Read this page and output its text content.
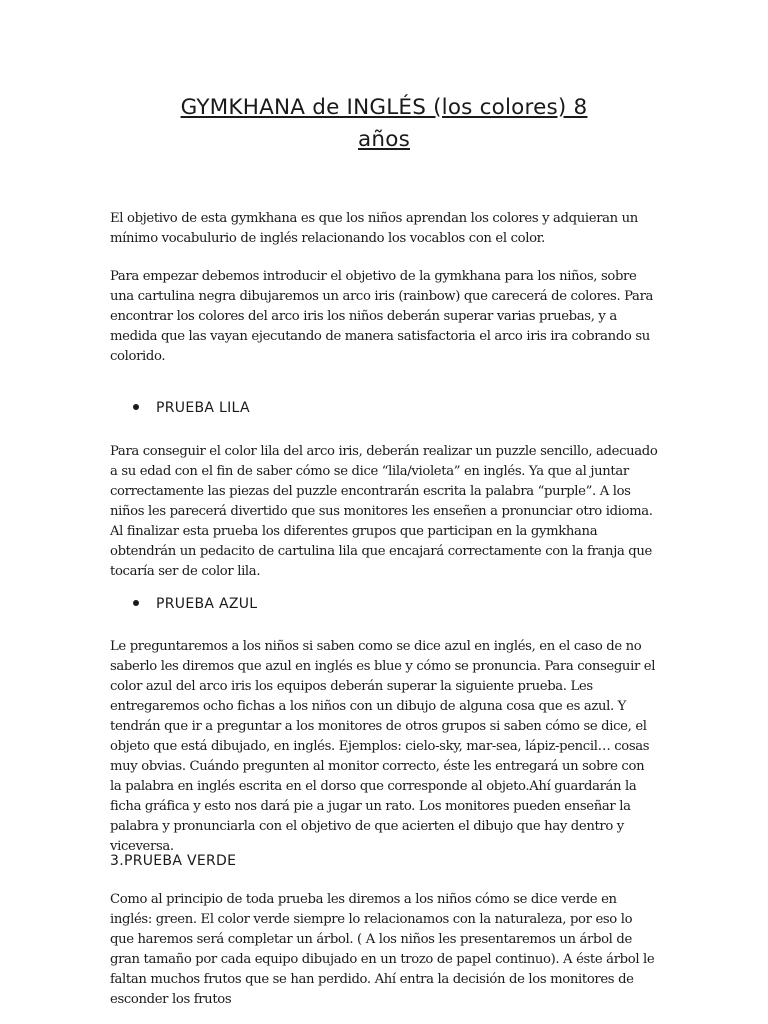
GYMKHANA de INGLÉS (los colores) 8
años

El objetivo de esta gymkhana es que los niños aprendan los colores y adquieran un mínimo vocabulurio de inglés relacionando los vocablos con el color.

Para empezar debemos introducir el objetivo de la gymkhana para los niños, sobre una cartulina negra dibujaremos un arco iris (rainbow) que carecerá de colores. Para encontrar los colores del arco iris los niños deberán superar varias pruebas, y a medida que las vayan ejecutando de manera satisfactoria el arco iris ira cobrando su colorido.

PRUEBA LILA

Para conseguir el color lila del arco iris, deberán realizar un puzzle sencillo, adecuado a su edad con el fin de saber cómo se dice “lila/violeta” en inglés. Ya que al juntar correctamente las piezas del puzzle encontrarán escrita la palabra “purple”. A los niños les parecerá divertido que sus monitores les enseñen a pronunciar otro idioma. Al finalizar esta prueba los diferentes grupos que participan en la gymkhana obtendrán un pedacito de cartulina lila que encajará correctamente con la franja que tocaría ser de color lila.

PRUEBA AZUL

Le preguntaremos a los niños si saben como se dice azul en inglés, en el caso de no saberlo les diremos que azul en inglés es blue y cómo se pronuncia. Para conseguir el color azul del arco iris los equipos deberán superar la siguiente prueba. Les entregaremos ocho fichas a los niños con un dibujo de alguna cosa que es azul. Y tendrán que ir a preguntar a los monitores de otros grupos si saben cómo se dice, el objeto que está dibujado, en inglés. Ejemplos: cielo-sky, mar-sea, lápiz-pencil… cosas muy obvias. Cuándo pregunten al monitor correcto, éste les entregará un sobre con la palabra en inglés escrita en el dorso que corresponde al objeto.Ahí guardarán la ficha gráfica y esto nos dará pie a jugar un rato. Los monitores pueden enseñar la palabra y pronunciarla con el objetivo de que acierten el dibujo que hay dentro y viceversa.

3.PRUEBA VERDE

Como al principio de toda prueba les diremos a los niños cómo se dice verde en inglés: green. El color verde siempre lo relacionamos con la naturaleza, por eso lo que haremos será completar un árbol. ( A los niños les presentaremos un árbol de gran tamaño por cada equipo dibujado en un trozo de papel continuo). A éste árbol le faltan muchos frutos que se han perdido. Ahí entra la decisión de los monitores de esconder los frutos
